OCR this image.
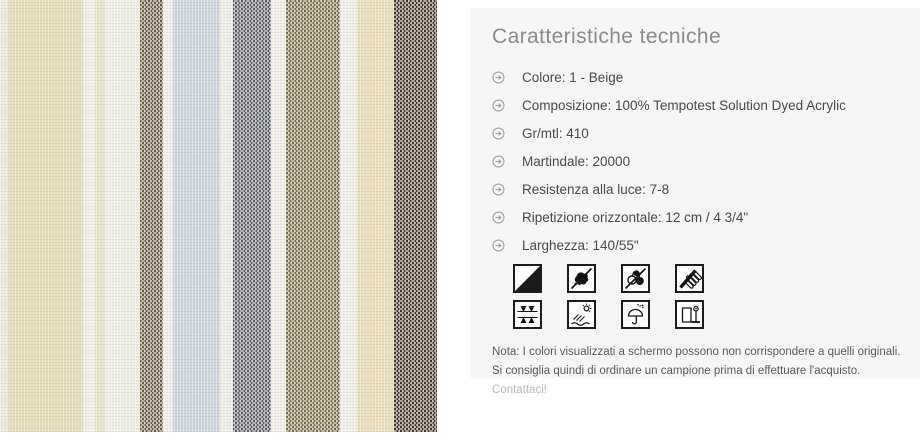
Caratteristiche tecniche
Colore: 1 - Beige
Composizione: 100% Tempotest Solution Dyed Acrylic
Gr/mtl: 410
Martindale: 20000
Resistenza alla luce: 7-8
Ripetizione orizzontale: 12 cm / 4 3/4"
Larghezza: 140/55"

Nota: I colori visualizzati a schermo possono non corrispondere a quelli originali.

Si consiglia quindi di ordinare un campione prima di effettuare l'acquisto. Contattaci!
